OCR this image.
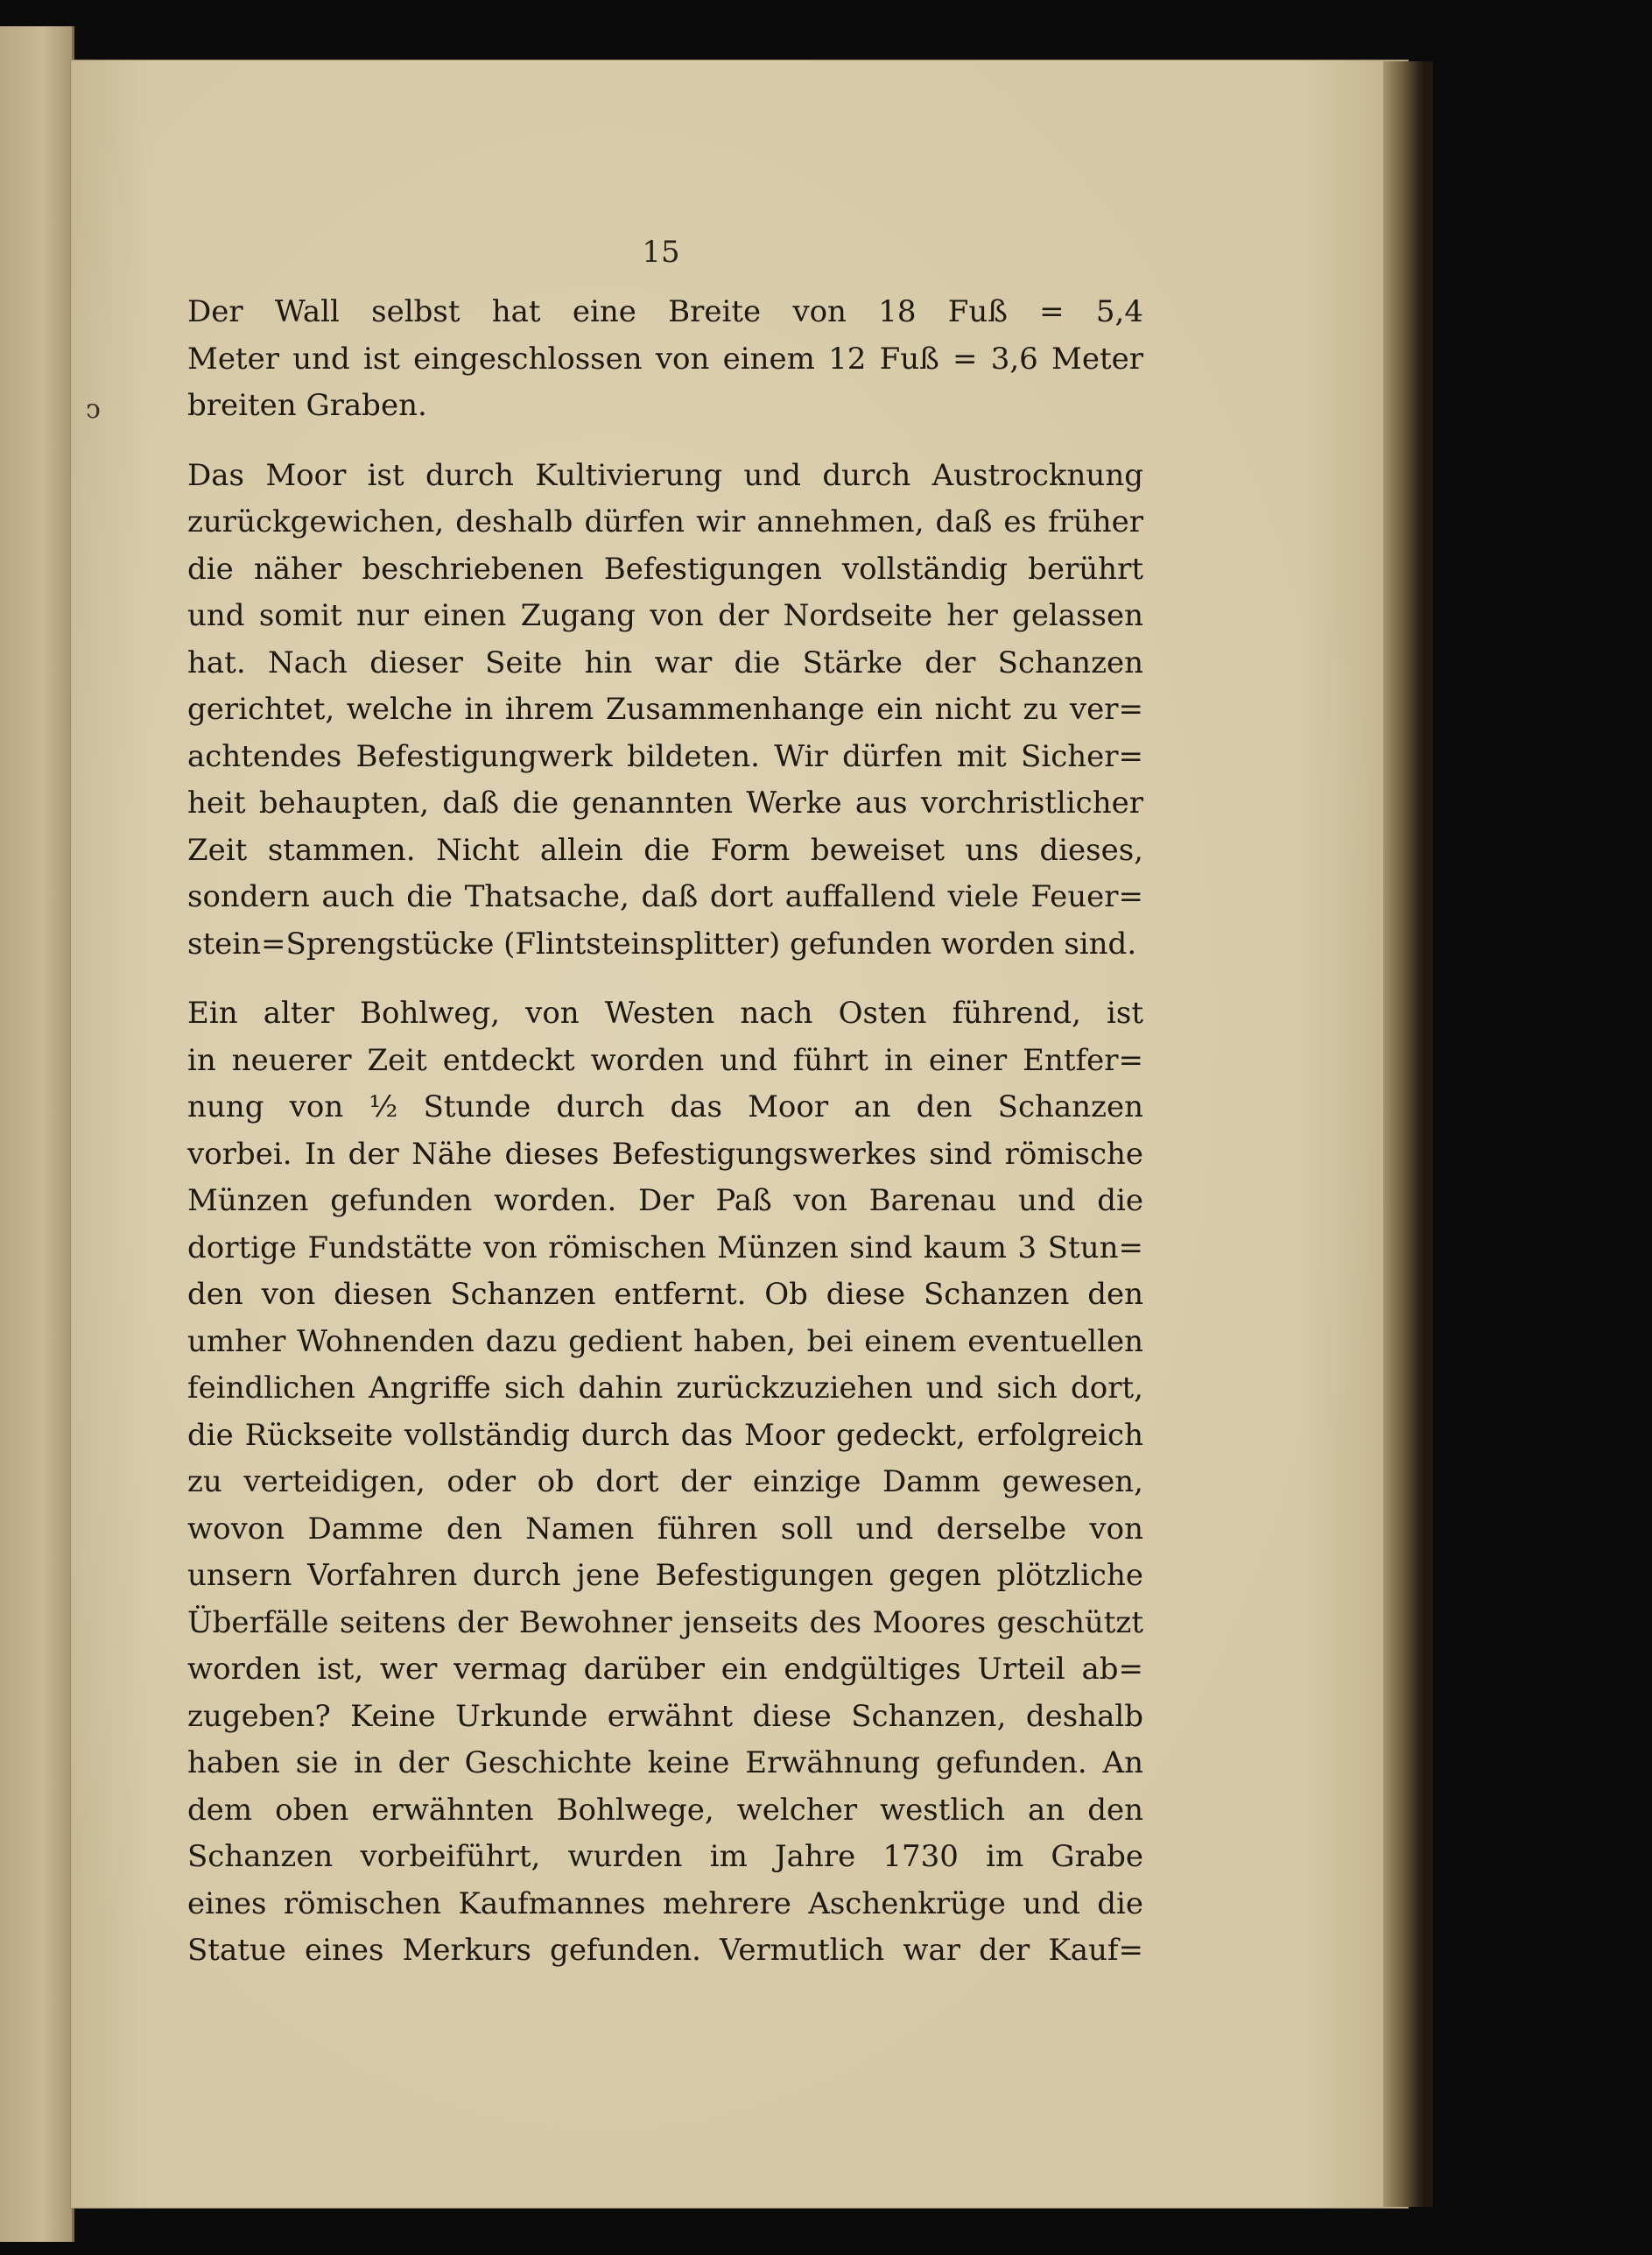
15
ↄ
Der Wall selbst hat eine Breite von 18 Fuß = 5,4
Meter und ist eingeschlossen von einem 12 Fuß = 3,6 Meter
breiten Graben.
Das Moor ist durch Kultivierung und durch Austrocknung
zurückgewichen, deshalb dürfen wir annehmen, daß es früher
die näher beschriebenen Befestigungen vollständig berührt
und somit nur einen Zugang von der Nordseite her gelassen
hat. Nach dieser Seite hin war die Stärke der Schanzen
gerichtet, welche in ihrem Zusammenhange ein nicht zu ver=
achtendes Befestigungwerk bildeten. Wir dürfen mit Sicher=
heit behaupten, daß die genannten Werke aus vorchristlicher
Zeit stammen. Nicht allein die Form beweiset uns dieses,
sondern auch die Thatsache, daß dort auffallend viele Feuer=
stein=Sprengstücke (Flintsteinsplitter) gefunden worden sind.
Ein alter Bohlweg, von Westen nach Osten führend, ist
in neuerer Zeit entdeckt worden und führt in einer Entfer=
nung von ½ Stunde durch das Moor an den Schanzen
vorbei. In der Nähe dieses Befestigungswerkes sind römische
Münzen gefunden worden. Der Paß von Barenau und die
dortige Fundstätte von römischen Münzen sind kaum 3 Stun=
den von diesen Schanzen entfernt. Ob diese Schanzen den
umher Wohnenden dazu gedient haben, bei einem eventuellen
feindlichen Angriffe sich dahin zurückzuziehen und sich dort,
die Rückseite vollständig durch das Moor gedeckt, erfolgreich
zu verteidigen, oder ob dort der einzige Damm gewesen,
wovon Damme den Namen führen soll und derselbe von
unsern Vorfahren durch jene Befestigungen gegen plötzliche
Überfälle seitens der Bewohner jenseits des Moores geschützt
worden ist, wer vermag darüber ein endgültiges Urteil ab=
zugeben? Keine Urkunde erwähnt diese Schanzen, deshalb
haben sie in der Geschichte keine Erwähnung gefunden. An
dem oben erwähnten Bohlwege, welcher westlich an den
Schanzen vorbeiführt, wurden im Jahre 1730 im Grabe
eines römischen Kaufmannes mehrere Aschenkrüge und die
Statue eines Merkurs gefunden. Vermutlich war der Kauf=
